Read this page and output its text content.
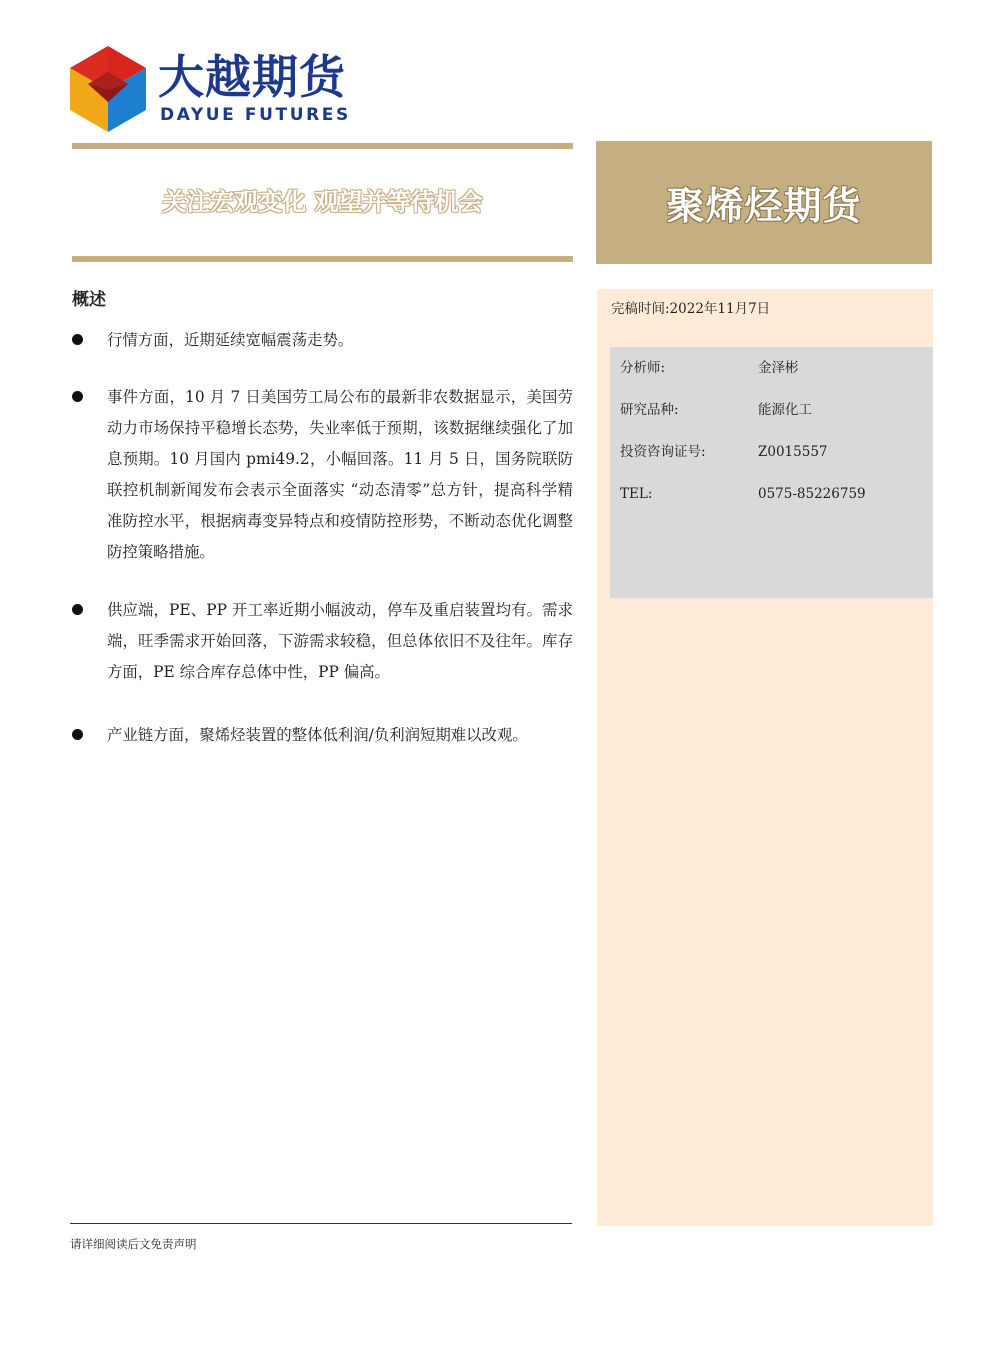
大越期货
DAYUE FUTURES
关注宏观变化 观望并等待机会	聚烯烃期货
概述
行情方面，近期延续宽幅震荡走势。
事件方面，10 月 7 日美国劳工局公布的最新非农数据显示，美国劳动力市场保持平稳增长态势，失业率低于预期，该数据继续强化了加息预期。10 月国内 pmi49.2，小幅回落。11 月 5 日，国务院联防联控机制新闻发布会表示全面落实 “动态清零”总方针，提高科学精准防控水平，根据病毒变异特点和疫情防控形势，不断动态优化调整防控策略措施。
供应端，PE、PP 开工率近期小幅波动，停车及重启装置均有。需求端，旺季需求开始回落，下游需求较稳，但总体依旧不及往年。库存方面，PE 综合库存总体中性，PP 偏高。
产业链方面，聚烯烃装置的整体低利润/负利润短期难以改观。
完稿时间:2022年11月7日
分析师:	金泽彬
研究品种:	能源化工
投资咨询证号:	Z0015557
TEL:	0575-85226759
请详细阅读后文免责声明
